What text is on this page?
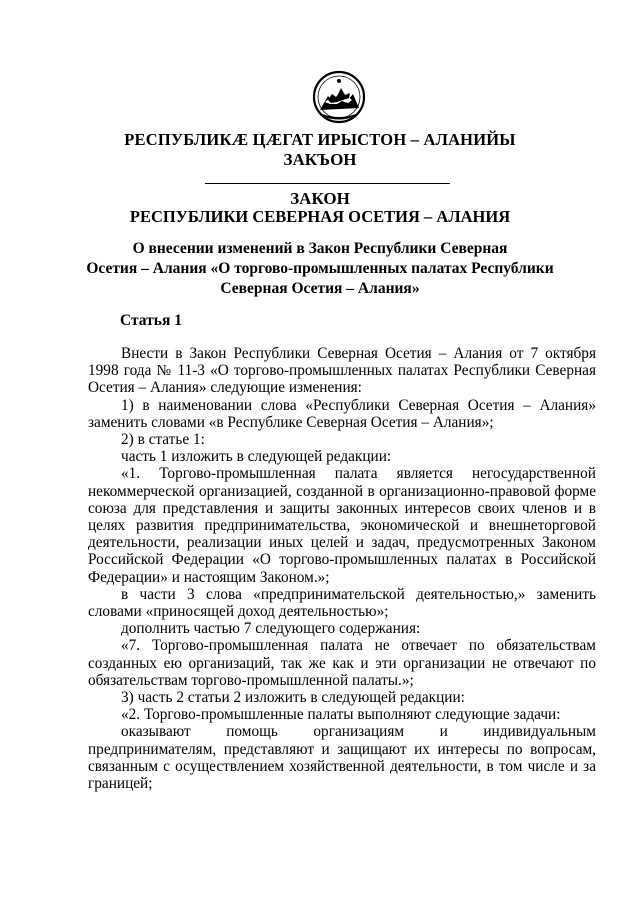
РЕСПУБЛИКÆ ЦÆГАТ ИРЫСТОН – АЛАНИЙЫ
ЗАКЪОН
ЗАКОН
РЕСПУБЛИКИ СЕВЕРНАЯ ОСЕТИЯ – АЛАНИЯ
О внесении изменений в Закон Республики Северная
Осетия – Алания «О торгово-промышленных палатах Республики
Северная Осетия – Алания»
Статья 1

Внести в Закон Республики Северная Осетия – Алания от 7 октября 1998 года № 11-3 «О торгово-промышленных палатах Республики Северная Осетия – Алания» следующие изменения:

1) в наименовании слова «Республики Северная Осетия – Алания» заменить словами «в Республике Северная Осетия – Алания»;

2) в статье 1:

часть 1 изложить в следующей редакции:

«1. Торгово-промышленная палата является негосударственной некоммерческой организацией, созданной в организационно-правовой форме союза для представления и защиты законных интересов своих членов и в целях развития предпринимательства, экономической и внешнеторговой деятельности, реализации иных целей и задач, предусмотренных Законом Российской Федерации «О торгово-промышленных палатах в Российской Федерации» и настоящим Законом.»;

в части 3 слова «предпринимательской деятельностью,» заменить словами «приносящей доход деятельностью»;

дополнить частью 7 следующего содержания:

«7. Торгово-промышленная палата не отвечает по обязательствам созданных ею организаций, так же как и эти организации не отвечают по обязательствам торгово-промышленной палаты.»;

3) часть 2 статьи 2 изложить в следующей редакции:

«2. Торгово-промышленные палаты выполняют следующие задачи:

оказывают помощь организациям и индивидуальным предпринимателям, представляют и защищают их интересы по вопросам, связанным с осуществлением хозяйственной деятельности, в том числе и за границей;
